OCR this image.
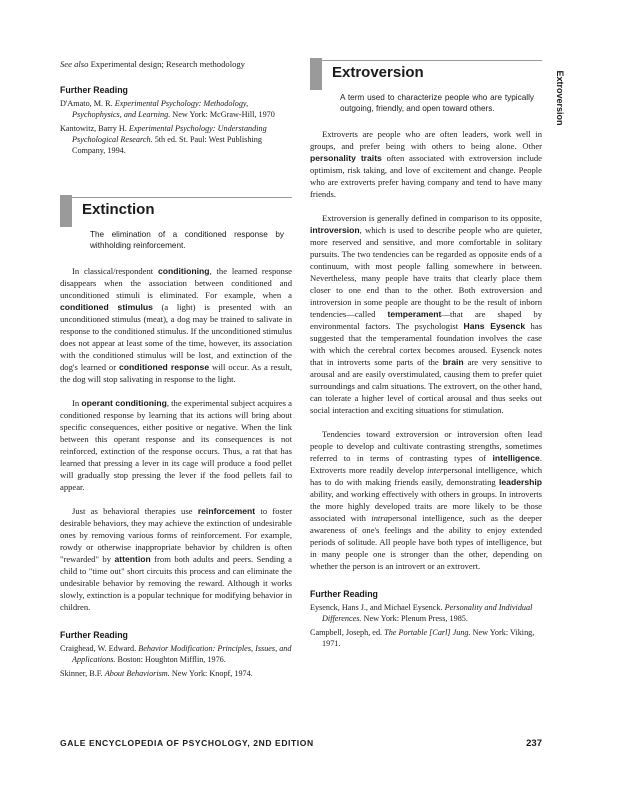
See also Experimental design; Research methodology

Further Reading

D'Amato, M. R. Experimental Psychology: Methodology, Psychophysics, and Learning. New York: McGraw-Hill, 1970

Kantowitz, Barry H. Experimental Psychology: Understanding Psychological Research. 5th ed. St. Paul: West Publishing Company, 1994.

Extinction

The elimination of a conditioned response by withholding reinforcement.

In classical/respondent conditioning, the learned response disappears when the association between conditioned and unconditioned stimuli is eliminated. For example, when a conditioned stimulus (a light) is presented with an unconditioned stimulus (meat), a dog may be trained to salivate in response to the conditioned stimulus. If the unconditioned stimulus does not appear at least some of the time, however, its association with the conditioned stimulus will be lost, and extinction of the dog's learned or conditioned response will occur. As a result, the dog will stop salivating in response to the light.

In operant conditioning, the experimental subject acquires a conditioned response by learning that its actions will bring about specific consequences, either positive or negative. When the link between this operant response and its consequences is not reinforced, extinction of the response occurs. Thus, a rat that has learned that pressing a lever in its cage will produce a food pellet will gradually stop pressing the lever if the food pellets fail to appear.

Just as behavioral therapies use reinforcement to foster desirable behaviors, they may achieve the extinction of undesirable ones by removing various forms of reinforcement. For example, rowdy or otherwise inappropriate behavior by children is often "rewarded" by attention from both adults and peers. Sending a child to "time out" short circuits this process and can eliminate the undesirable behavior by removing the reward. Although it works slowly, extinction is a popular technique for modifying behavior in children.

Further Reading

Craighead, W. Edward. Behavior Modification: Principles, Issues, and Applications. Boston: Houghton Mifflin, 1976.

Skinner, B.F. About Behaviorism. New York: Knopf, 1974.

Extroversion

A term used to characterize people who are typically outgoing, friendly, and open toward others.

Extroverts are people who are often leaders, work well in groups, and prefer being with others to being alone. Other personality traits often associated with extroversion include optimism, risk taking, and love of excitement and change. People who are extroverts prefer having company and tend to have many friends.

Extroversion is generally defined in comparison to its opposite, introversion, which is used to describe people who are quieter, more reserved and sensitive, and more comfortable in solitary pursuits. The two tendencies can be regarded as opposite ends of a continuum, with most people falling somewhere in between. Nevertheless, many people have traits that clearly place them closer to one end than to the other. Both extroversion and introversion in some people are thought to be the result of inborn tendencies—called temperament—that are shaped by environmental factors. The psychologist Hans Eysenck has suggested that the temperamental foundation involves the case with which the cerebral cortex becomes aroused. Eysenck notes that in introverts some parts of the brain are very sensitive to arousal and are easily overstimulated, causing them to prefer quiet surroundings and calm situations. The extrovert, on the other hand, can tolerate a higher level of cortical arousal and thus seeks out social interaction and exciting situations for stimulation.

Tendencies toward extroversion or introversion often lead people to develop and cultivate contrasting strengths, sometimes referred to in terms of contrasting types of intelligence. Extroverts more readily develop interpersonal intelligence, which has to do with making friends easily, demonstrating leadership ability, and working effectively with others in groups. In introverts the more highly developed traits are more likely to be those associated with intrapersonal intelligence, such as the deeper awareness of one's feelings and the ability to enjoy extended periods of solitude. All people have both types of intelligence, but in many people one is stronger than the other, depending on whether the person is an introvert or an extrovert.

Further Reading

Eysenck, Hans J., and Michael Eysenck. Personality and Individual Differences. New York: Plenum Press, 1985.

Campbell, Joseph, ed. The Portable [Carl] Jung. New York: Viking, 1971.

Extroversion
GALE ENCYCLOPEDIA OF PSYCHOLOGY, 2ND EDITION	237
